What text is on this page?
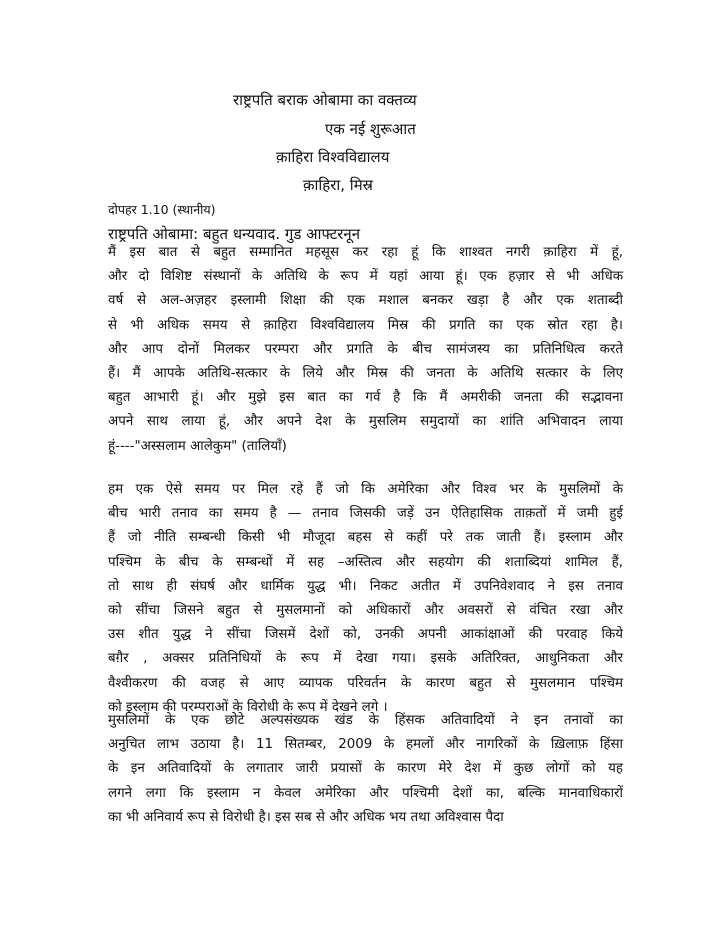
राष्ट्रपति बराक ओबामा का वक्तव्य
एक नई शुरूआत
क़ाहिरा विश्वविद्यालय
क़ाहिरा, मिस्र
दोपहर 1.10 (स्थानीय)
राष्ट्रपति ओबामा: बहुत धन्यवाद. गुड आफ्टरनून
मैं इस बात से बहुत सम्मानित महसूस कर रहा हूं कि शाश्वत नगरी क़ाहिरा में हूं,
और दो विशिष्ट संस्थानों के अतिथि के रूप में यहां आया हूं। एक हज़ार से भी अधिक
वर्ष से अल-अज़हर इस्लामी शिक्षा की एक मशाल बनकर खड़ा है और एक शताब्दी
से भी अधिक समय से क़ाहिरा विश्वविद्यालय मिस्र की प्रगति का एक स्रोत रहा है।
और आप दोनों मिलकर परम्परा और प्रगति के बीच सामंजस्य का प्रतिनिधित्व करते
हैं। मैं आपके अतिथि-सत्कार के लिये और मिस्र की जनता के अतिथि सत्कार के लिए
बहुत आभारी हूं। और मुझे इस बात का गर्व है कि मैं अमरीकी जनता की सद्भावना
अपने साथ लाया हूं, और अपने देश के मुसलिम समुदायों का शांति अभिवादन लाया
हूं----"अस्सलाम आलेकुम" (तालियाँ)
हम एक ऐसे समय पर मिल रहे हैं जो कि अमेरिका और विश्व भर के मुसलिमों के
बीच भारी तनाव का समय है — तनाव जिसकी जड़ें उन ऐतिहासिक ताक़तों में जमी हुई
हैं जो नीति सम्बन्धी किसी भी मौजूदा बहस से कहीं परे तक जाती हैं। इस्लाम और
पश्चिम के बीच के सम्बन्धों में सह –अस्तित्व और सहयोग की शताब्दियां शामिल हैं,
तो साथ ही संघर्ष और धार्मिक युद्ध भी। निकट अतीत में उपनिवेशवाद ने इस तनाव
को सींचा जिसने बहुत से मुसलमानों को अधिकारों और अवसरों से वंचित रखा और
उस शीत युद्ध ने सींचा जिसमें देशों को, उनकी अपनी आकांक्षाओं की परवाह किये
बग़ैर , अक्सर प्रतिनिधियों के रूप में देखा गया। इसके अतिरिक्त, आधुनिकता और
वैश्वीकरण की वजह से आए व्यापक परिवर्तन के कारण बहुत से मुसलमान पश्चिम
को इस्लाम की परम्पराओं के विरोधी के रूप में देखने लगे ।
मुसलिमों के एक छोटे अल्पसंख्यक खंड के हिंसक अतिवादियों ने इन तनावों का
अनुचित लाभ उठाया है। 11 सितम्बर, 2009 के हमलों और नागरिकों के ख़िलाफ़ हिंसा
के इन अतिवादियों के लगातार जारी प्रयासों के कारण मेरे देश में कुछ लोगों को यह
लगने लगा कि इस्लाम न केवल अमेरिका और पश्चिमी देशों का, बल्कि मानवाधिकारों
का भी अनिवार्य रूप से विरोधी है। इस सब से और अधिक भय तथा अविश्वास पैदा
